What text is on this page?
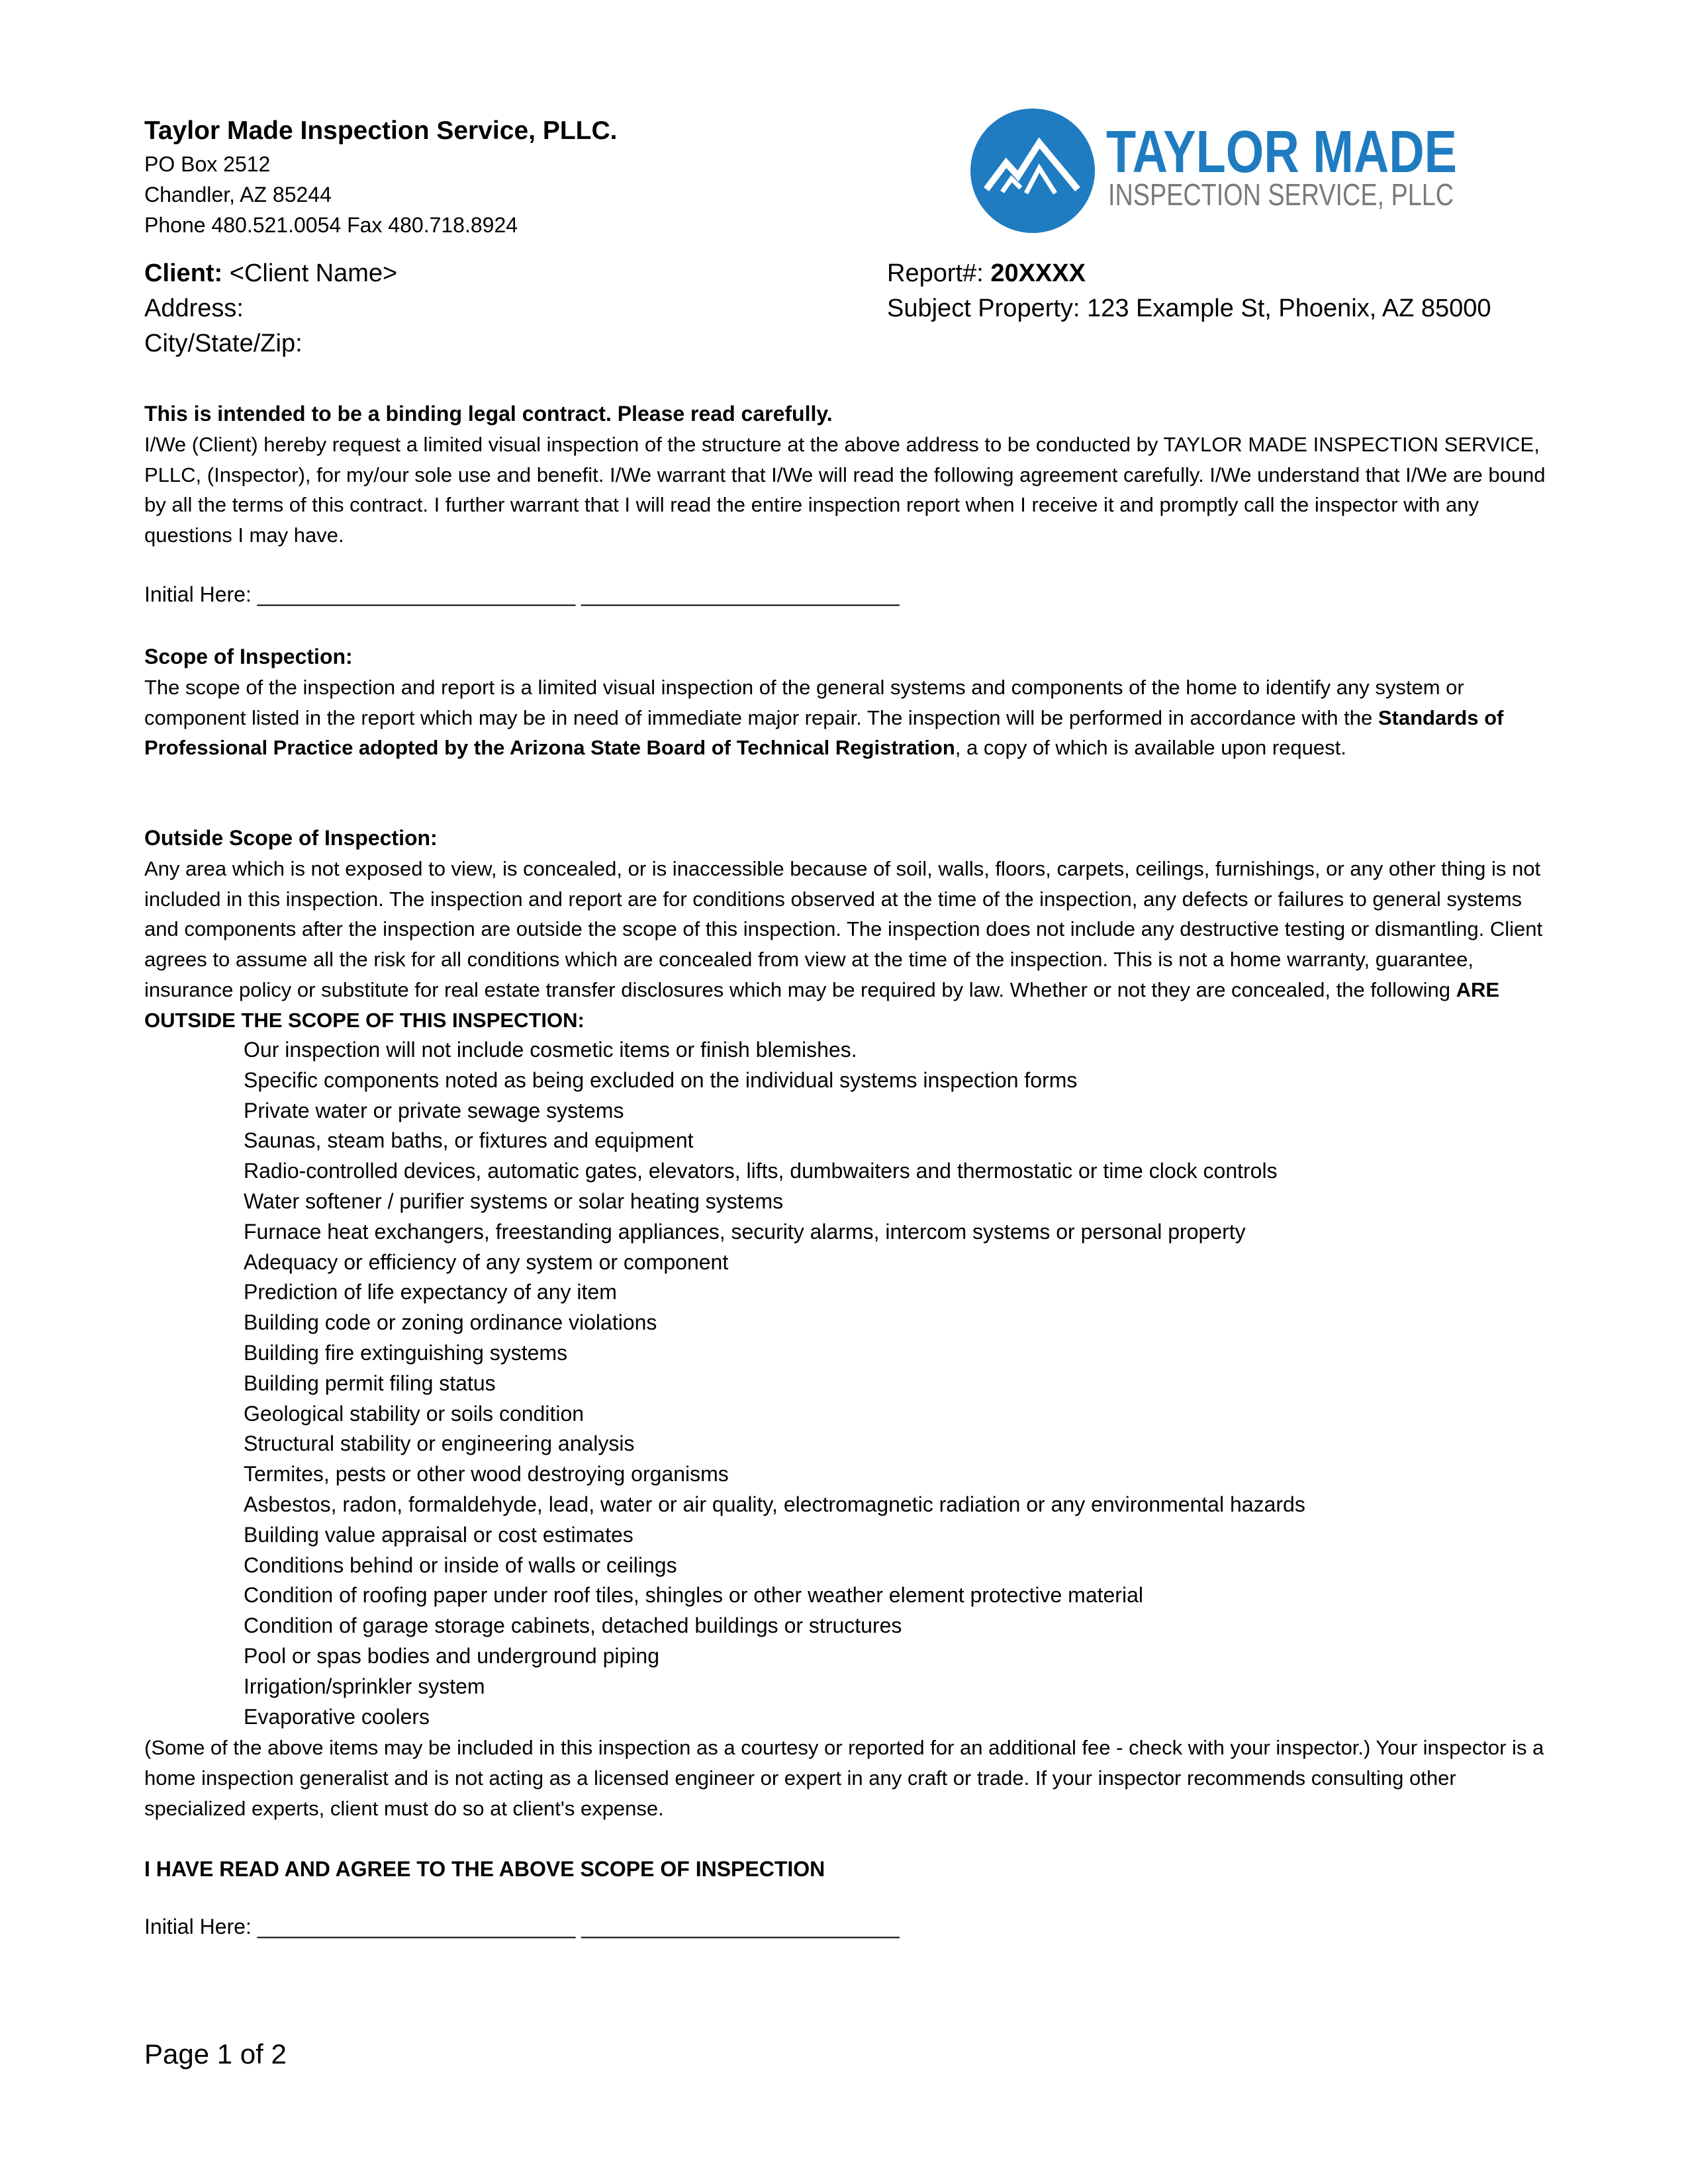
Taylor Made Inspection Service, PLLC.
PO Box 2512
Chandler, AZ 85244
Phone 480.521.0054 Fax 480.718.8924
TAYLOR MADE
INSPECTION SERVICE, PLLC
Client: <Client Name>
Address:
City/State/Zip:
Report#: 20XXXX
Subject Property: 123 Example St, Phoenix, AZ 85000
This is intended to be a binding legal contract. Please read carefully.
I/We (Client) hereby request a limited visual inspection of the structure at the above address to be conducted by TAYLOR MADE INSPECTION SERVICE, PLLC, (Inspector), for my/our sole use and benefit. I/We warrant that I/We will read the following agreement carefully. I/We understand that I/We are bound by all the terms of this contract. I further warrant that I will read the entire inspection report when I receive it and promptly call the inspector with any questions I may have.
Initial Here: ___________________________ ___________________________
Scope of Inspection:
The scope of the inspection and report is a limited visual inspection of the general systems and components of the home to identify any system or component listed in the report which may be in need of immediate major repair. The inspection will be performed in accordance with the Standards of Professional Practice adopted by the Arizona State Board of Technical Registration, a copy of which is available upon request.
Outside Scope of Inspection:
Any area which is not exposed to view, is concealed, or is inaccessible because of soil, walls, floors, carpets, ceilings, furnishings, or any other thing is not included in this inspection. The inspection and report are for conditions observed at the time of the inspection, any defects or failures to general systems and components after the inspection are outside the scope of this inspection. The inspection does not include any destructive testing or dismantling. Client agrees to assume all the risk for all conditions which are concealed from view at the time of the inspection. This is not a home warranty, guarantee, insurance policy or substitute for real estate transfer disclosures which may be required by law. Whether or not they are concealed, the following ARE OUTSIDE THE SCOPE OF THIS INSPECTION:
Our inspection will not include cosmetic items or finish blemishes.
Specific components noted as being excluded on the individual systems inspection forms
Private water or private sewage systems
Saunas, steam baths, or fixtures and equipment
Radio-controlled devices, automatic gates, elevators, lifts, dumbwaiters and thermostatic or time clock controls
Water softener / purifier systems or solar heating systems
Furnace heat exchangers, freestanding appliances, security alarms, intercom systems or personal property
Adequacy or efficiency of any system or component
Prediction of life expectancy of any item
Building code or zoning ordinance violations
Building fire extinguishing systems
Building permit filing status
Geological stability or soils condition
Structural stability or engineering analysis
Termites, pests or other wood destroying organisms
Asbestos, radon, formaldehyde, lead, water or air quality, electromagnetic radiation or any environmental hazards
Building value appraisal or cost estimates
Conditions behind or inside of walls or ceilings
Condition of roofing paper under roof tiles, shingles or other weather element protective material
Condition of garage storage cabinets, detached buildings or structures
Pool or spas bodies and underground piping
Irrigation/sprinkler system
Evaporative coolers
(Some of the above items may be included in this inspection as a courtesy or reported for an additional fee - check with your inspector.) Your inspector is a home inspection generalist and is not acting as a licensed engineer or expert in any craft or trade. If your inspector recommends consulting other specialized experts, client must do so at client's expense.
I HAVE READ AND AGREE TO THE ABOVE SCOPE OF INSPECTION
Initial Here: ___________________________ ___________________________
Page 1 of 2
